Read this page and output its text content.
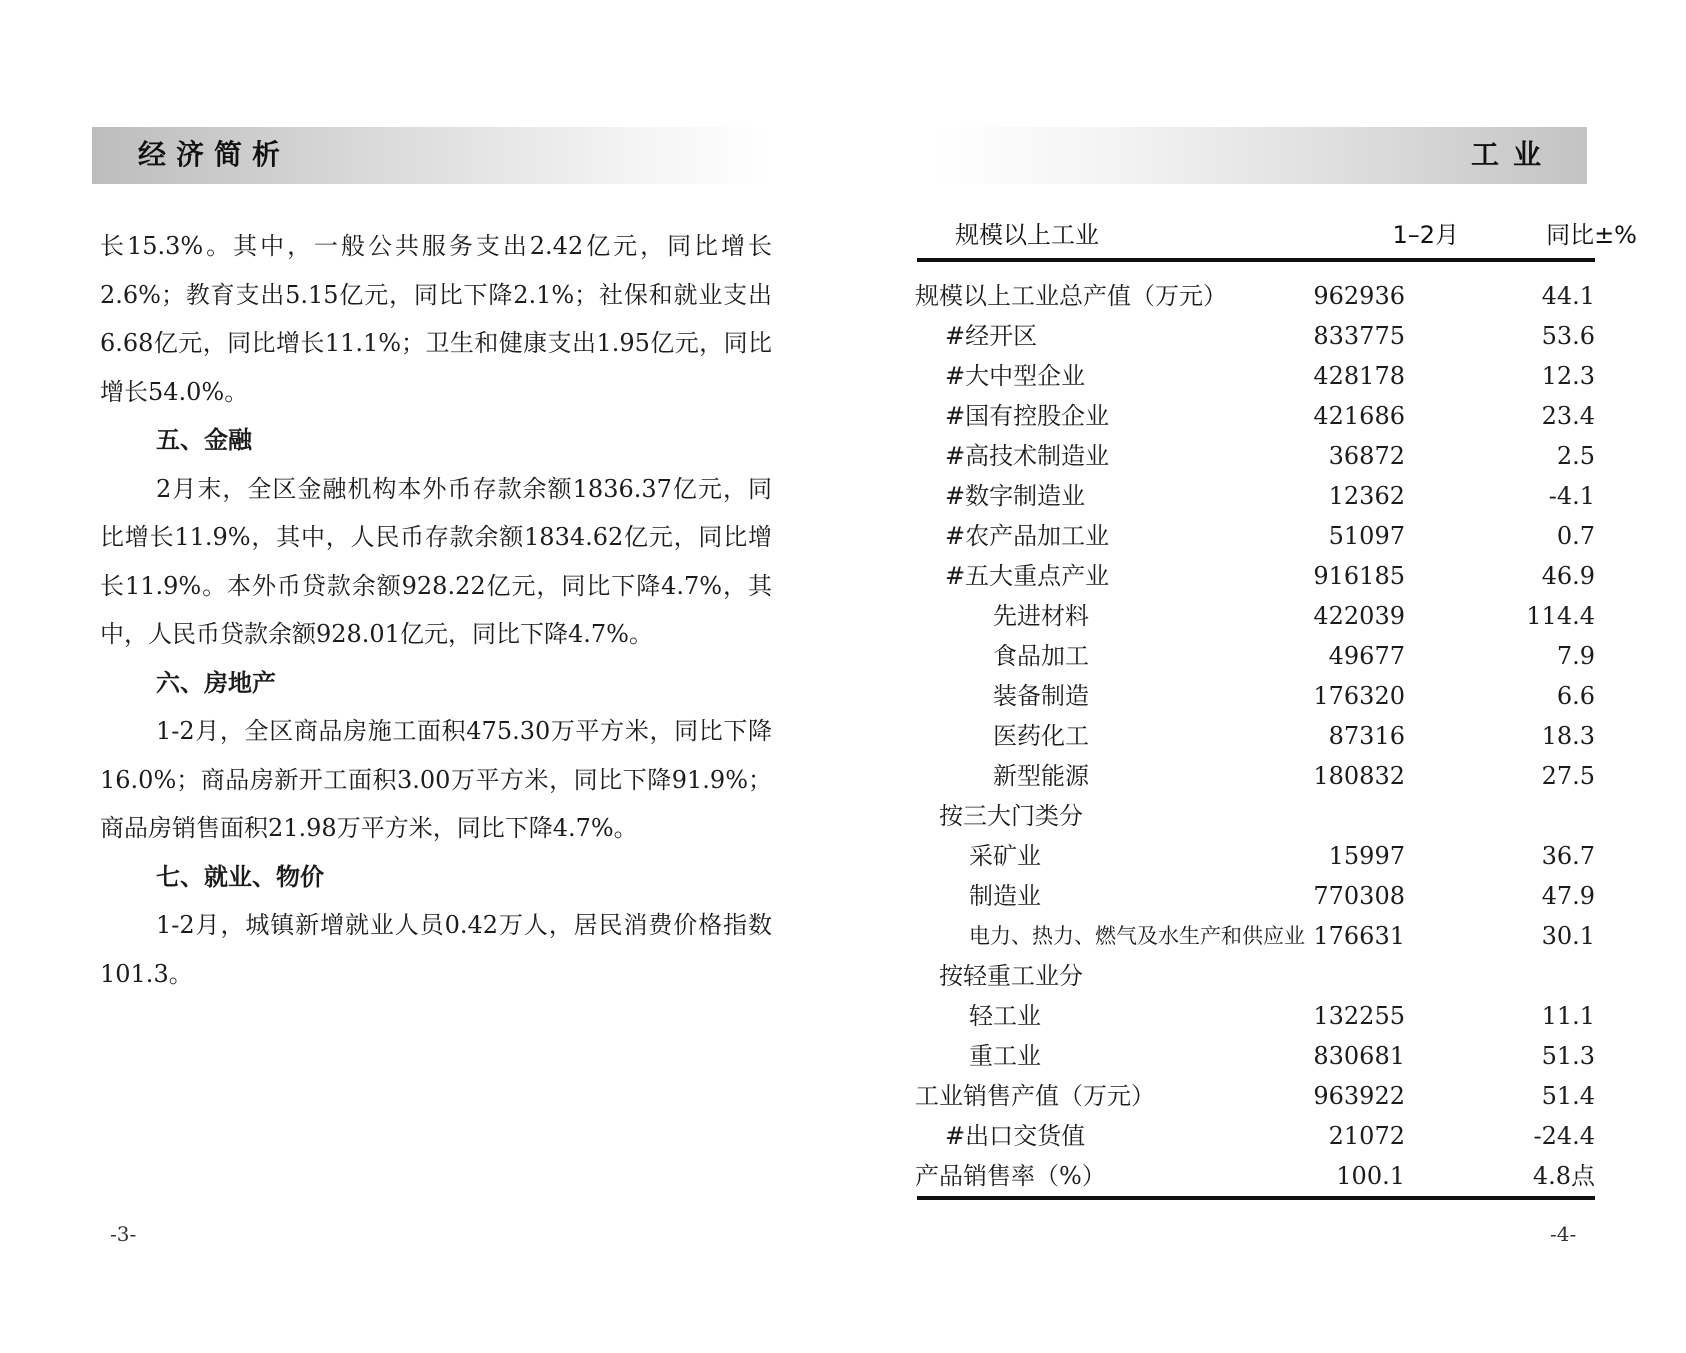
经济简析

长15.3%。其中，一般公共服务支出2.42亿元，同比增长2.6%；教育支出5.15亿元，同比下降2.1%；社保和就业支出6.68亿元，同比增长11.1%；卫生和健康支出1.95亿元，同比增长54.0%。

五、金融

2月末，全区金融机构本外币存款余额1836.37亿元，同比增长11.9%，其中，人民币存款余额1834.62亿元，同比增长11.9%。本外币贷款余额928.22亿元，同比下降4.7%，其中，人民币贷款余额928.01亿元，同比下降4.7%。

六、房地产

1-2月，全区商品房施工面积475.30万平方米，同比下降16.0%；商品房新开工面积3.00万平方米，同比下降91.9%；商品房销售面积21.98万平方米，同比下降4.7%。

七、就业、物价

1-2月，城镇新增就业人员0.42万人，居民消费价格指数101.3。

-3-
工业
规模以上工业	1–2月	同比±%
规模以上工业总产值（万元）	962936	44.1
#经开区	833775	53.6
#大中型企业	428178	12.3
#国有控股企业	421686	23.4
#高技术制造业	36872	2.5
#数字制造业	12362	-4.1
#农产品加工业	51097	0.7
#五大重点产业	916185	46.9
先进材料	422039	114.4
食品加工	49677	7.9
装备制造	176320	6.6
医药化工	87316	18.3
新型能源	180832	27.5
按三大门类分
采矿业	15997	36.7
制造业	770308	47.9
电力、热力、燃气及水生产和供应业 176631	30.1
按轻重工业分
轻工业	132255	11.1
重工业	830681	51.3
工业销售产值（万元）	963922	51.4
#出口交货值	21072	-24.4
产品销售率（%）	100.1	4.8点
-4-
